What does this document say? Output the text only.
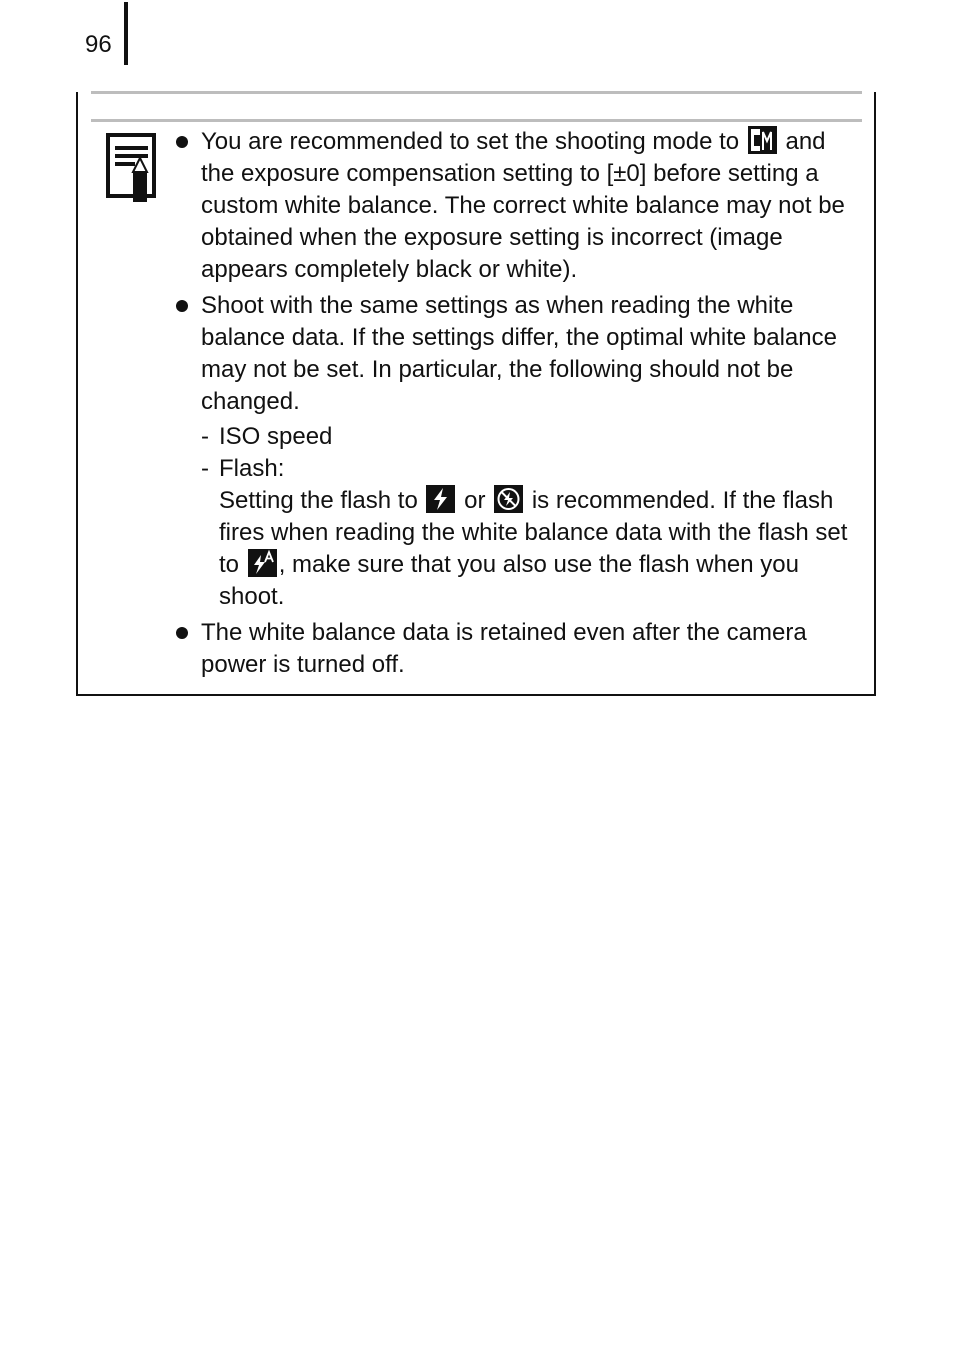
96
You are recommended to set the shooting mode to and the exposure compensation setting to [±0] before setting a custom white balance. The correct white balance may not be obtained when the exposure setting is incorrect (image appears completely black or white).
Shoot with the same settings as when reading the white balance data. If the settings differ, the optimal white balance may not be set. In particular, the following should not be changed.
- ISO speed
- Flash:
Setting the flash to or is recommended. If the flash fires when reading the white balance data with the flash set to , make sure that you also use the flash when you shoot.
The white balance data is retained even after the camera power is turned off.
